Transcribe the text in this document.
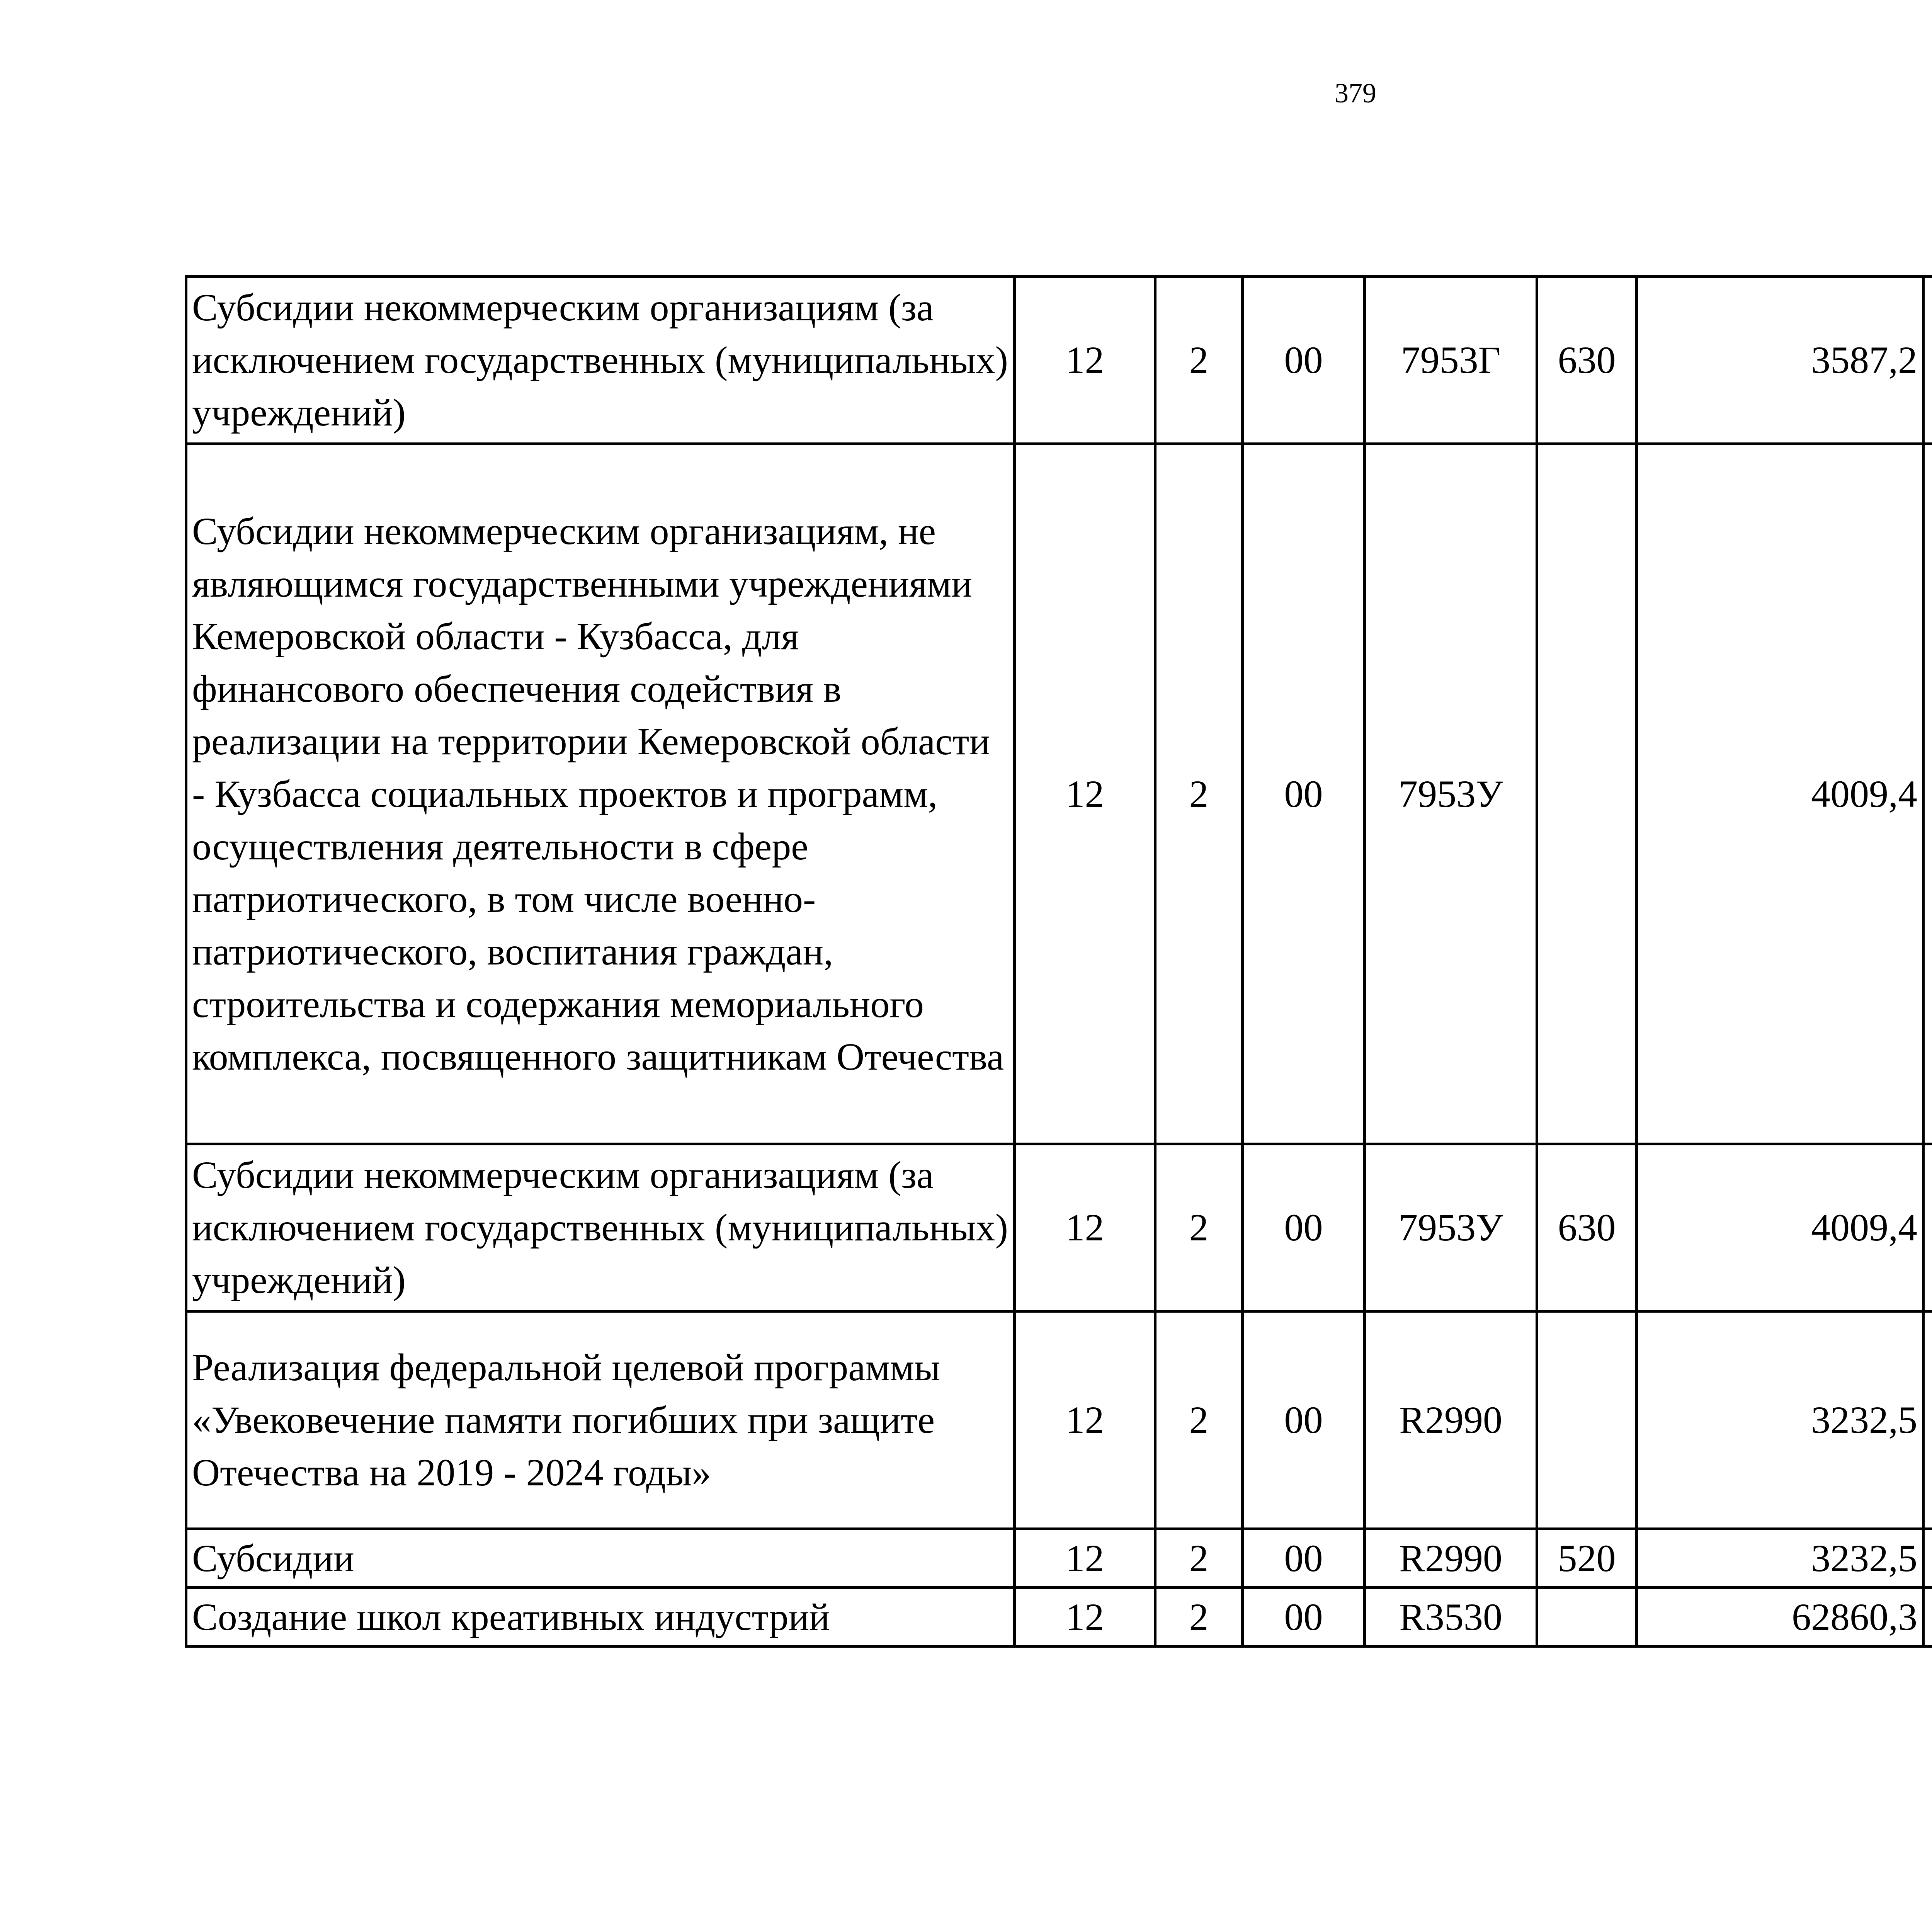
379
Субсидии некоммерческим организациям (за исключением государственных (муниципальных) учреждений)	12	2	00	7953Г	630	3587,2		
Субсидии некоммерческим организациям, не являющимся государственными учреждениями Кемеровской области - Кузбасса, для финансового обеспечения содействия в реализации на территории Кемеровской области - Кузбасса социальных проектов и программ, осуществления деятельности в сфере патриотического, в том числе военно-патриотического, воспитания граждан, строительства и содержания мемориального комплекса, посвященного защитникам Отечества	12	2	00	7953У		4009,4		
Субсидии некоммерческим организациям (за исключением государственных (муниципальных) учреждений)	12	2	00	7953У	630	4009,4		
Реализация федеральной целевой программы «Увековечение памяти погибших при защите Отечества на 2019 - 2024 годы»	12	2	00	R2990		3232,5		
Субсидии	12	2	00	R2990	520	3232,5		
Создание школ креативных индустрий	12	2	00	R3530		62860,3		
